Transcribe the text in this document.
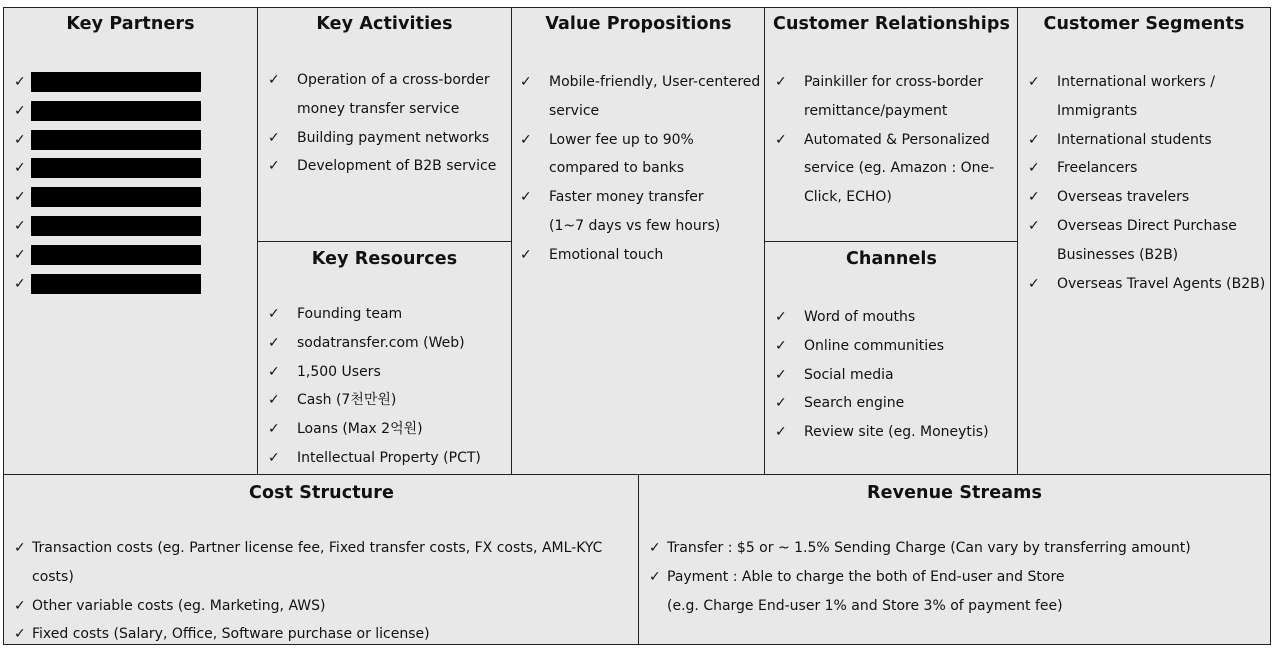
Key Partners
✓
✓
✓
✓
✓
✓
✓
✓
Key Activities
✓ Operation of a cross-border
money transfer service
✓ Building payment networks
✓ Development of B2B service
Key Resources
✓ Founding team
✓ sodatransfer.com (Web)
✓ 1,500 Users
✓ Cash (7천만원)
✓ Loans (Max 2억원)
✓ Intellectual Property (PCT)
Value Propositions
✓ Mobile-friendly, User-centered
service
✓ Lower fee up to 90%
compared to banks
✓ Faster money transfer
(1~7 days vs few hours)
✓ Emotional touch
Customer Relationships
✓ Painkiller for cross-border
remittance/payment
✓ Automated & Personalized
service (eg. Amazon : One-
Click, ECHO)
Channels
✓ Word of mouths
✓ Online communities
✓ Social media
✓ Search engine
✓ Review site (eg. Moneytis)
Customer Segments
✓ International workers /
Immigrants
✓ International students
✓ Freelancers
✓ Overseas travelers
✓ Overseas Direct Purchase
Businesses (B2B)
✓ Overseas Travel Agents (B2B)
Cost Structure
✓ Transaction costs (eg. Partner license fee, Fixed transfer costs, FX costs, AML-KYC costs)
✓ Other variable costs (eg. Marketing, AWS)
✓ Fixed costs (Salary, Office, Software purchase or license)
Revenue Streams
✓ Transfer : $5 or ~ 1.5% Sending Charge (Can vary by transferring amount)
✓ Payment : Able to charge the both of End-user and Store
(e.g. Charge End-user 1% and Store 3% of payment fee)
